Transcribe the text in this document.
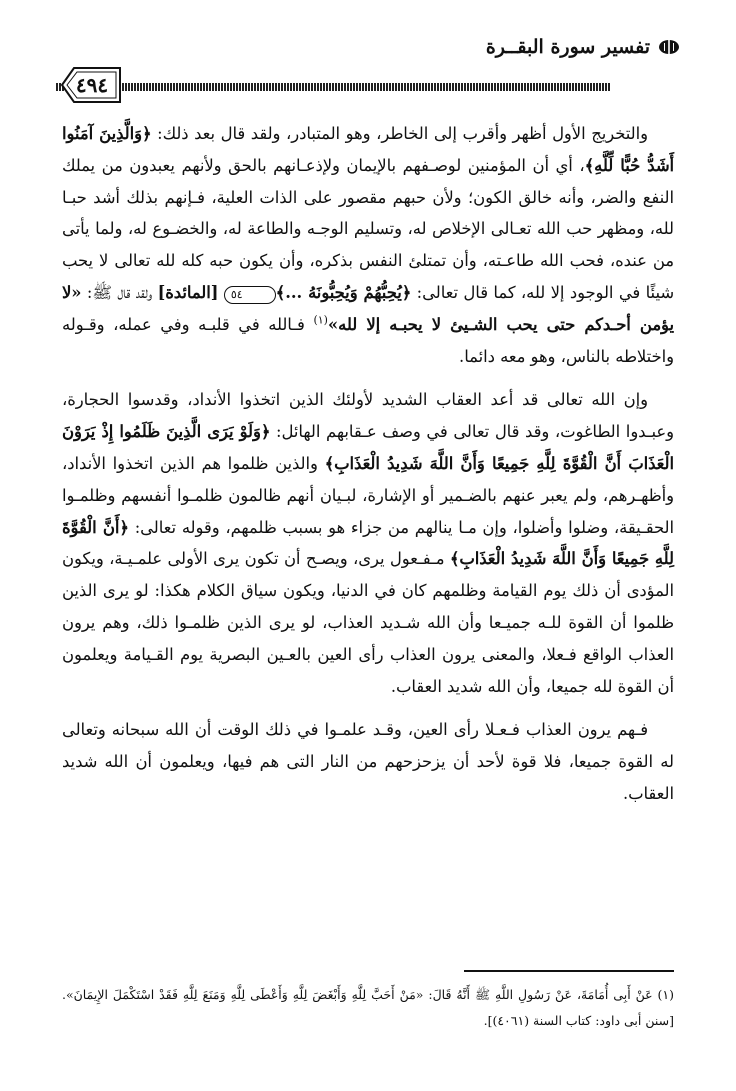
تفسير سورة البقــرة
٤٩٤

والتخريج الأول أظهر وأقرب إلى الخاطر، وهو المتبادر، ولقد قال بعد ذلك: ﴿وَالَّذِينَ آمَنُوا أَشَدُّ حُبًّا لِّلَّهِ﴾، أي أن المؤمنين لوصـفهم بالإيمان ولإذعـانهم بالحق ولأنهم يعبدون من يملك النفع والضر، وأنه خالق الكون؛ ولأن حبهم مقصور على الذات العلية، فـإنهم بذلك أشد حبـا لله، ومظهر حب الله تعـالى الإخلاص له، وتسليم الوجـه والطاعة له، والخضـوع له، ولما يأتى من عنده، فحب الله طاعـته، وأن تمتلئ النفس بذكره، وأن يكون حبه كله لله تعالى لا يحب شيئًا في الوجود إلا لله، كما قال تعالى: ﴿يُحِبُّهُمْ وَيُحِبُّونَهُ ...﴾٥٤ [المائدة] ولقد قال ﷺ: «لا يؤمن أحـدكم حتى يحب الشـيئ لا يحبـه إلا لله»$^{(١)}$ فـالله في قلبـه وفي عمله، وقـوله واختلاطه بالناس، وهو معه دائما.

وإن الله تعالى قد أعد العقاب الشديد لأولئك الذين اتخذوا الأنداد، وقدسوا الحجارة، وعبـدوا الطاغوت، وقد قال تعالى في وصف عـقابهم الهائل: ﴿وَلَوْ يَرَى الَّذِينَ ظَلَمُوا إِذْ يَرَوْنَ الْعَذَابَ أَنَّ الْقُوَّةَ لِلَّهِ جَمِيعًا وَأَنَّ اللَّهَ شَدِيدُ الْعَذَابِ﴾ والذين ظلموا هم الذين اتخذوا الأنداد، وأظهـرهم، ولم يعبر عنهم بالضـمير أو الإشارة، لبـيان أنهم ظالمون ظلمـوا أنفسهم وظلمـوا الحقـيقة، وضلوا وأضلوا، وإن مـا ينالهم من جزاء هو بسبب ظلمهم، وقوله تعالى: ﴿أَنَّ الْقُوَّةَ لِلَّهِ جَمِيعًا وَأَنَّ اللَّهَ شَدِيدُ الْعَذَابِ﴾ مـفـعول يرى، ويصـح أن تكون يرى الأولى علمـيـة، ويكون المؤدى أن ذلك يوم القيامة وظلمهم كان في الدنيا، ويكون سياق الكلام هكذا: لو يرى الذين ظلموا أن القوة للـه جميـعا وأن الله شـديد العذاب، لو يرى الذين ظلمـوا ذلك، وهم يرون العذاب الواقع فـعلا، والمعنى يرون العذاب رأى العين بالعـين البصرية يوم القـيامة ويعلمون أن القوة لله جميعا، وأن الله شديد العقاب.

فـهم يرون العذاب فـعـلا رأى العين، وقـد علمـوا في ذلك الوقت أن الله سبحانه وتعالى له القوة جميعا، فلا قوة لأحد أن يزحزحهم من النار التى هم فيها، ويعلمون أن الله شديد العقاب.

(١) عَنْ أَبِى أُمَامَةَ، عَنْ رَسُولِ اللَّهِ ﷺ أَنَّهُ قَالَ: «مَنْ أَحَبَّ لِلَّهِ وَأَبْغَضَ لِلَّهِ وَأَعْطَى لِلَّهِ وَمَنَعَ لِلَّهِ فَقَدْ اسْتَكْمَلَ الإِيمَانَ». [سنن أبى داود: كتاب السنة (٤٠٦١)].
